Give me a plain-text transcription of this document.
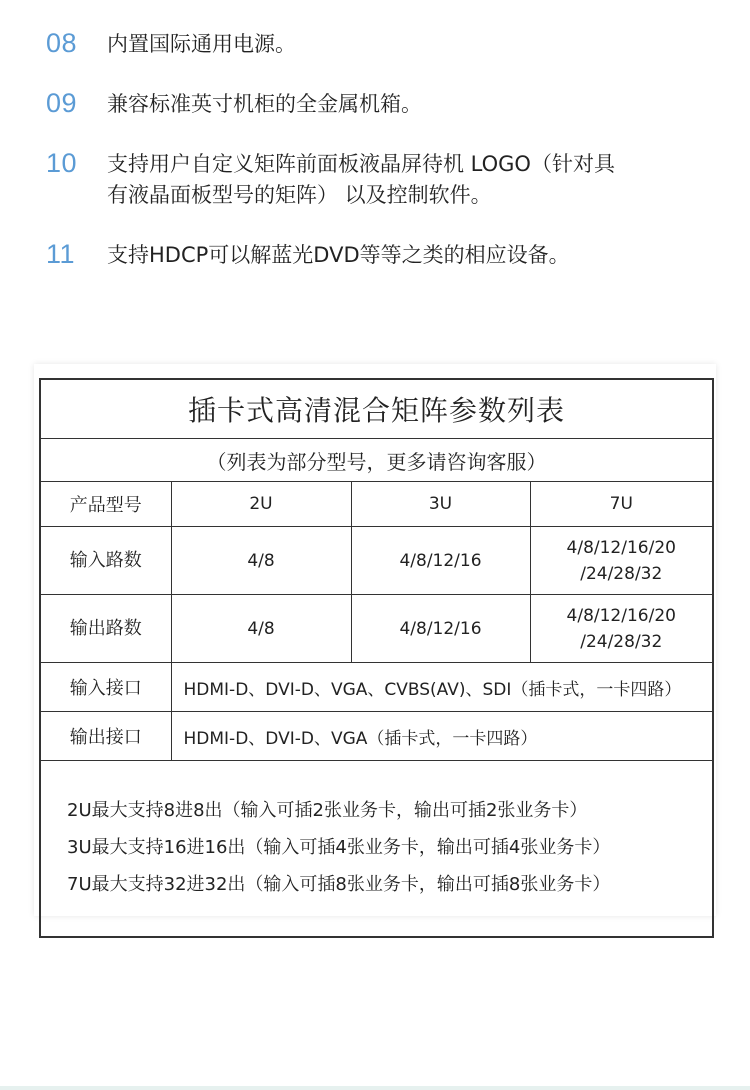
08 内置国际通用电源。
09 兼容标准英寸机柜的全金属机箱。
10 支持用户自定义矩阵前面板液晶屏待机 LOGO（针对具
有液晶面板型号的矩阵） 以及控制软件。
11 支持HDCP可以解蓝光DVD等等之类的相应设备。
插卡式高清混合矩阵参数列表			
（列表为部分型号，更多请咨询客服）			
产品型号	2U	3U	7U
输入路数	4/8	4/8/12/16	4/8/12/16/20
/24/28/32

输出路数	4/8	4/8/12/16	4/8/12/16/20
/24/28/32

输入接口	HDMI-D、DVI-D、VGA、CVBS(AV)、SDI（插卡式，一卡四路）		
输出接口	HDMI-D、DVI-D、VGA（插卡式，一卡四路）		

2U最大支持8进8出（输入可插2张业务卡，输出可插2张业务卡）
3U最大支持16进16出（输入可插4张业务卡，输出可插4张业务卡）
7U最大支持32进32出（输入可插8张业务卡，输出可插8张业务卡）			
